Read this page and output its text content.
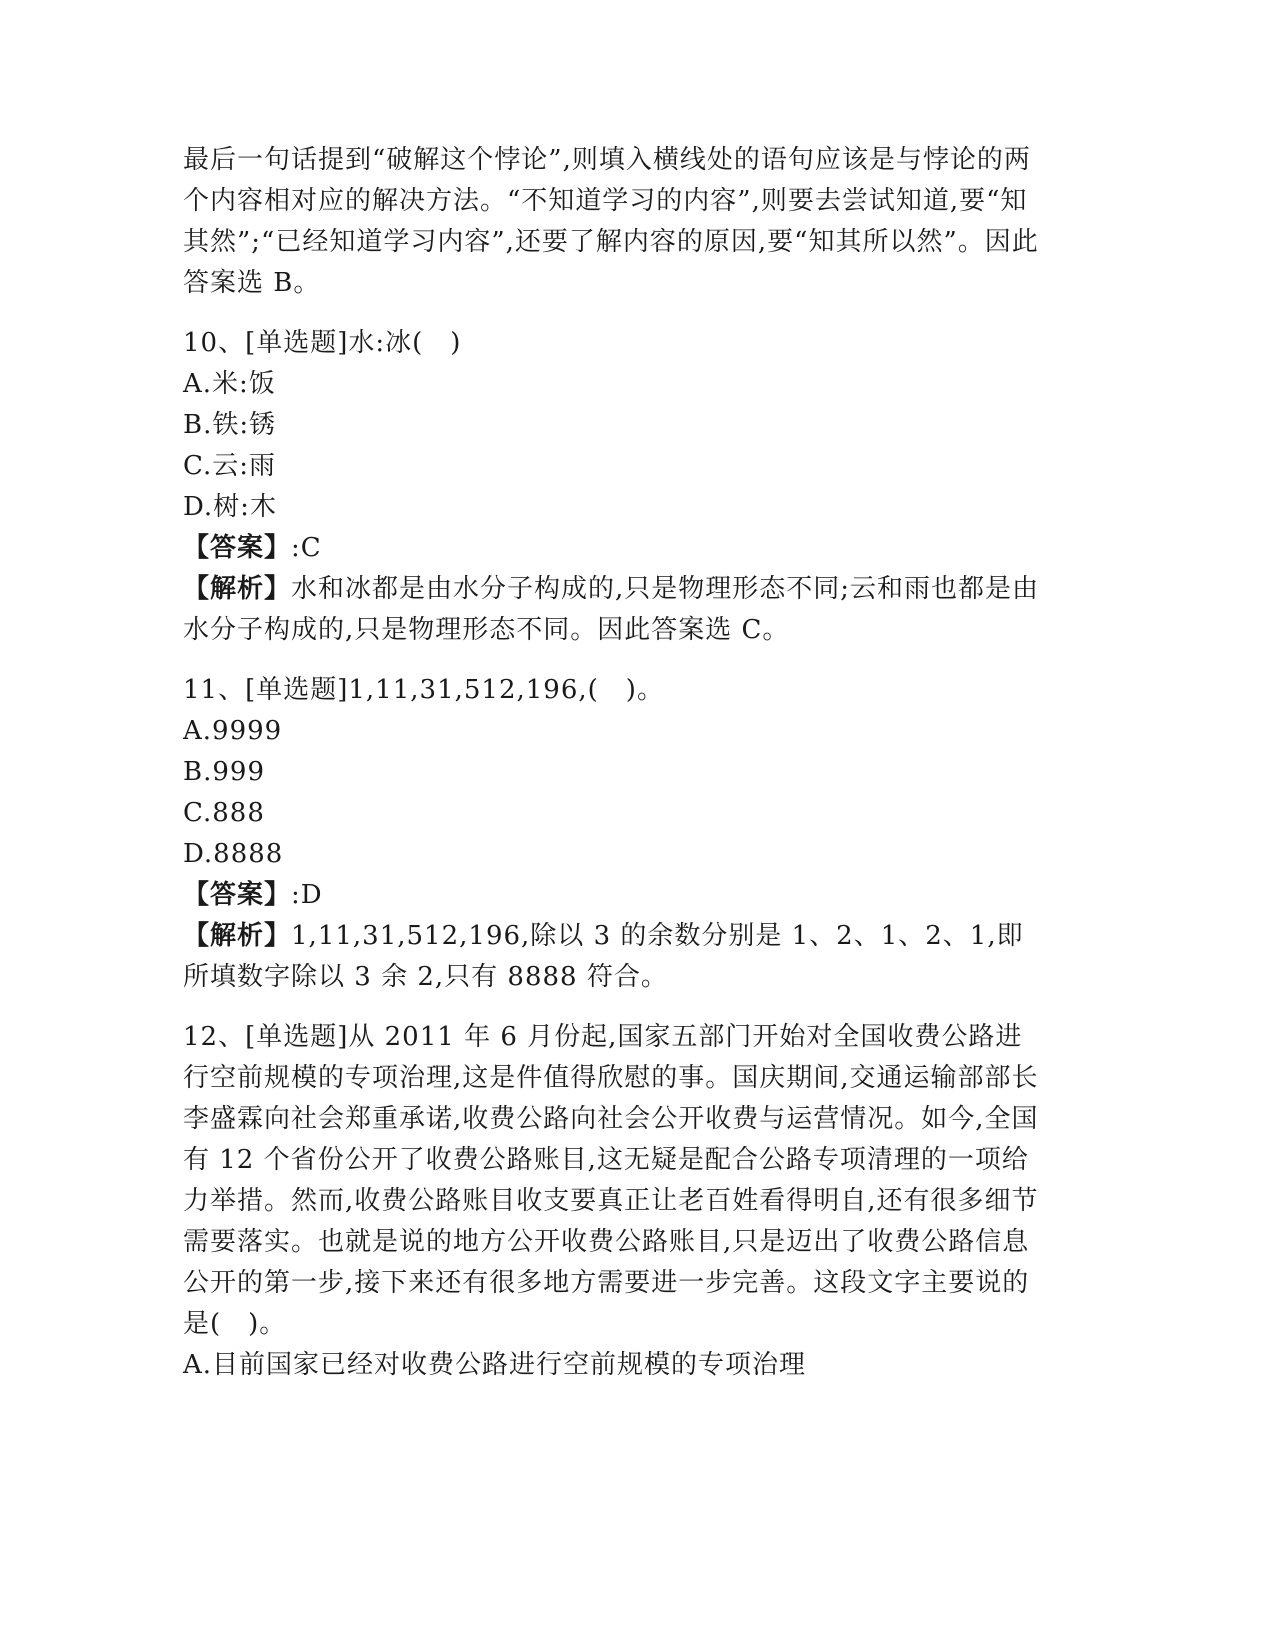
最后一句话提到“破解这个悖论”,则填入横线处的语句应该是与悖论的两个内容相对应的解决方法。“不知道学习的内容”,则要去尝试知道,要“知其然”;“已经知道学习内容”,还要了解内容的原因,要“知其所以然”。因此答案选 B。

10、[单选题]水:冰(　)

A.米:饭

B.铁:锈

C.云:雨

D.树:木

【答案】:C

【解析】水和冰都是由水分子构成的,只是物理形态不同;云和雨也都是由水分子构成的,只是物理形态不同。因此答案选 C。

11、[单选题]1,11,31,512,196,(　)。

A.9999

B.999

C.888

D.8888

【答案】:D

【解析】1,11,31,512,196,除以 3 的余数分别是 1、2、1、2、1,即所填数字除以 3 余 2,只有 8888 符合。

12、[单选题]从 2011 年 6 月份起,国家五部门开始对全国收费公路进行空前规模的专项治理,这是件值得欣慰的事。国庆期间,交通运输部部长李盛霖向社会郑重承诺,收费公路向社会公开收费与运营情况。如今,全国有 12 个省份公开了收费公路账目,这无疑是配合公路专项清理的一项给力举措。然而,收费公路账目收支要真正让老百姓看得明自,还有很多细节需要落实。也就是说的地方公开收费公路账目,只是迈出了收费公路信息公开的第一步,接下来还有很多地方需要进一步完善。这段文字主要说的是(　)。

A.目前国家已经对收费公路进行空前规模的专项治理
